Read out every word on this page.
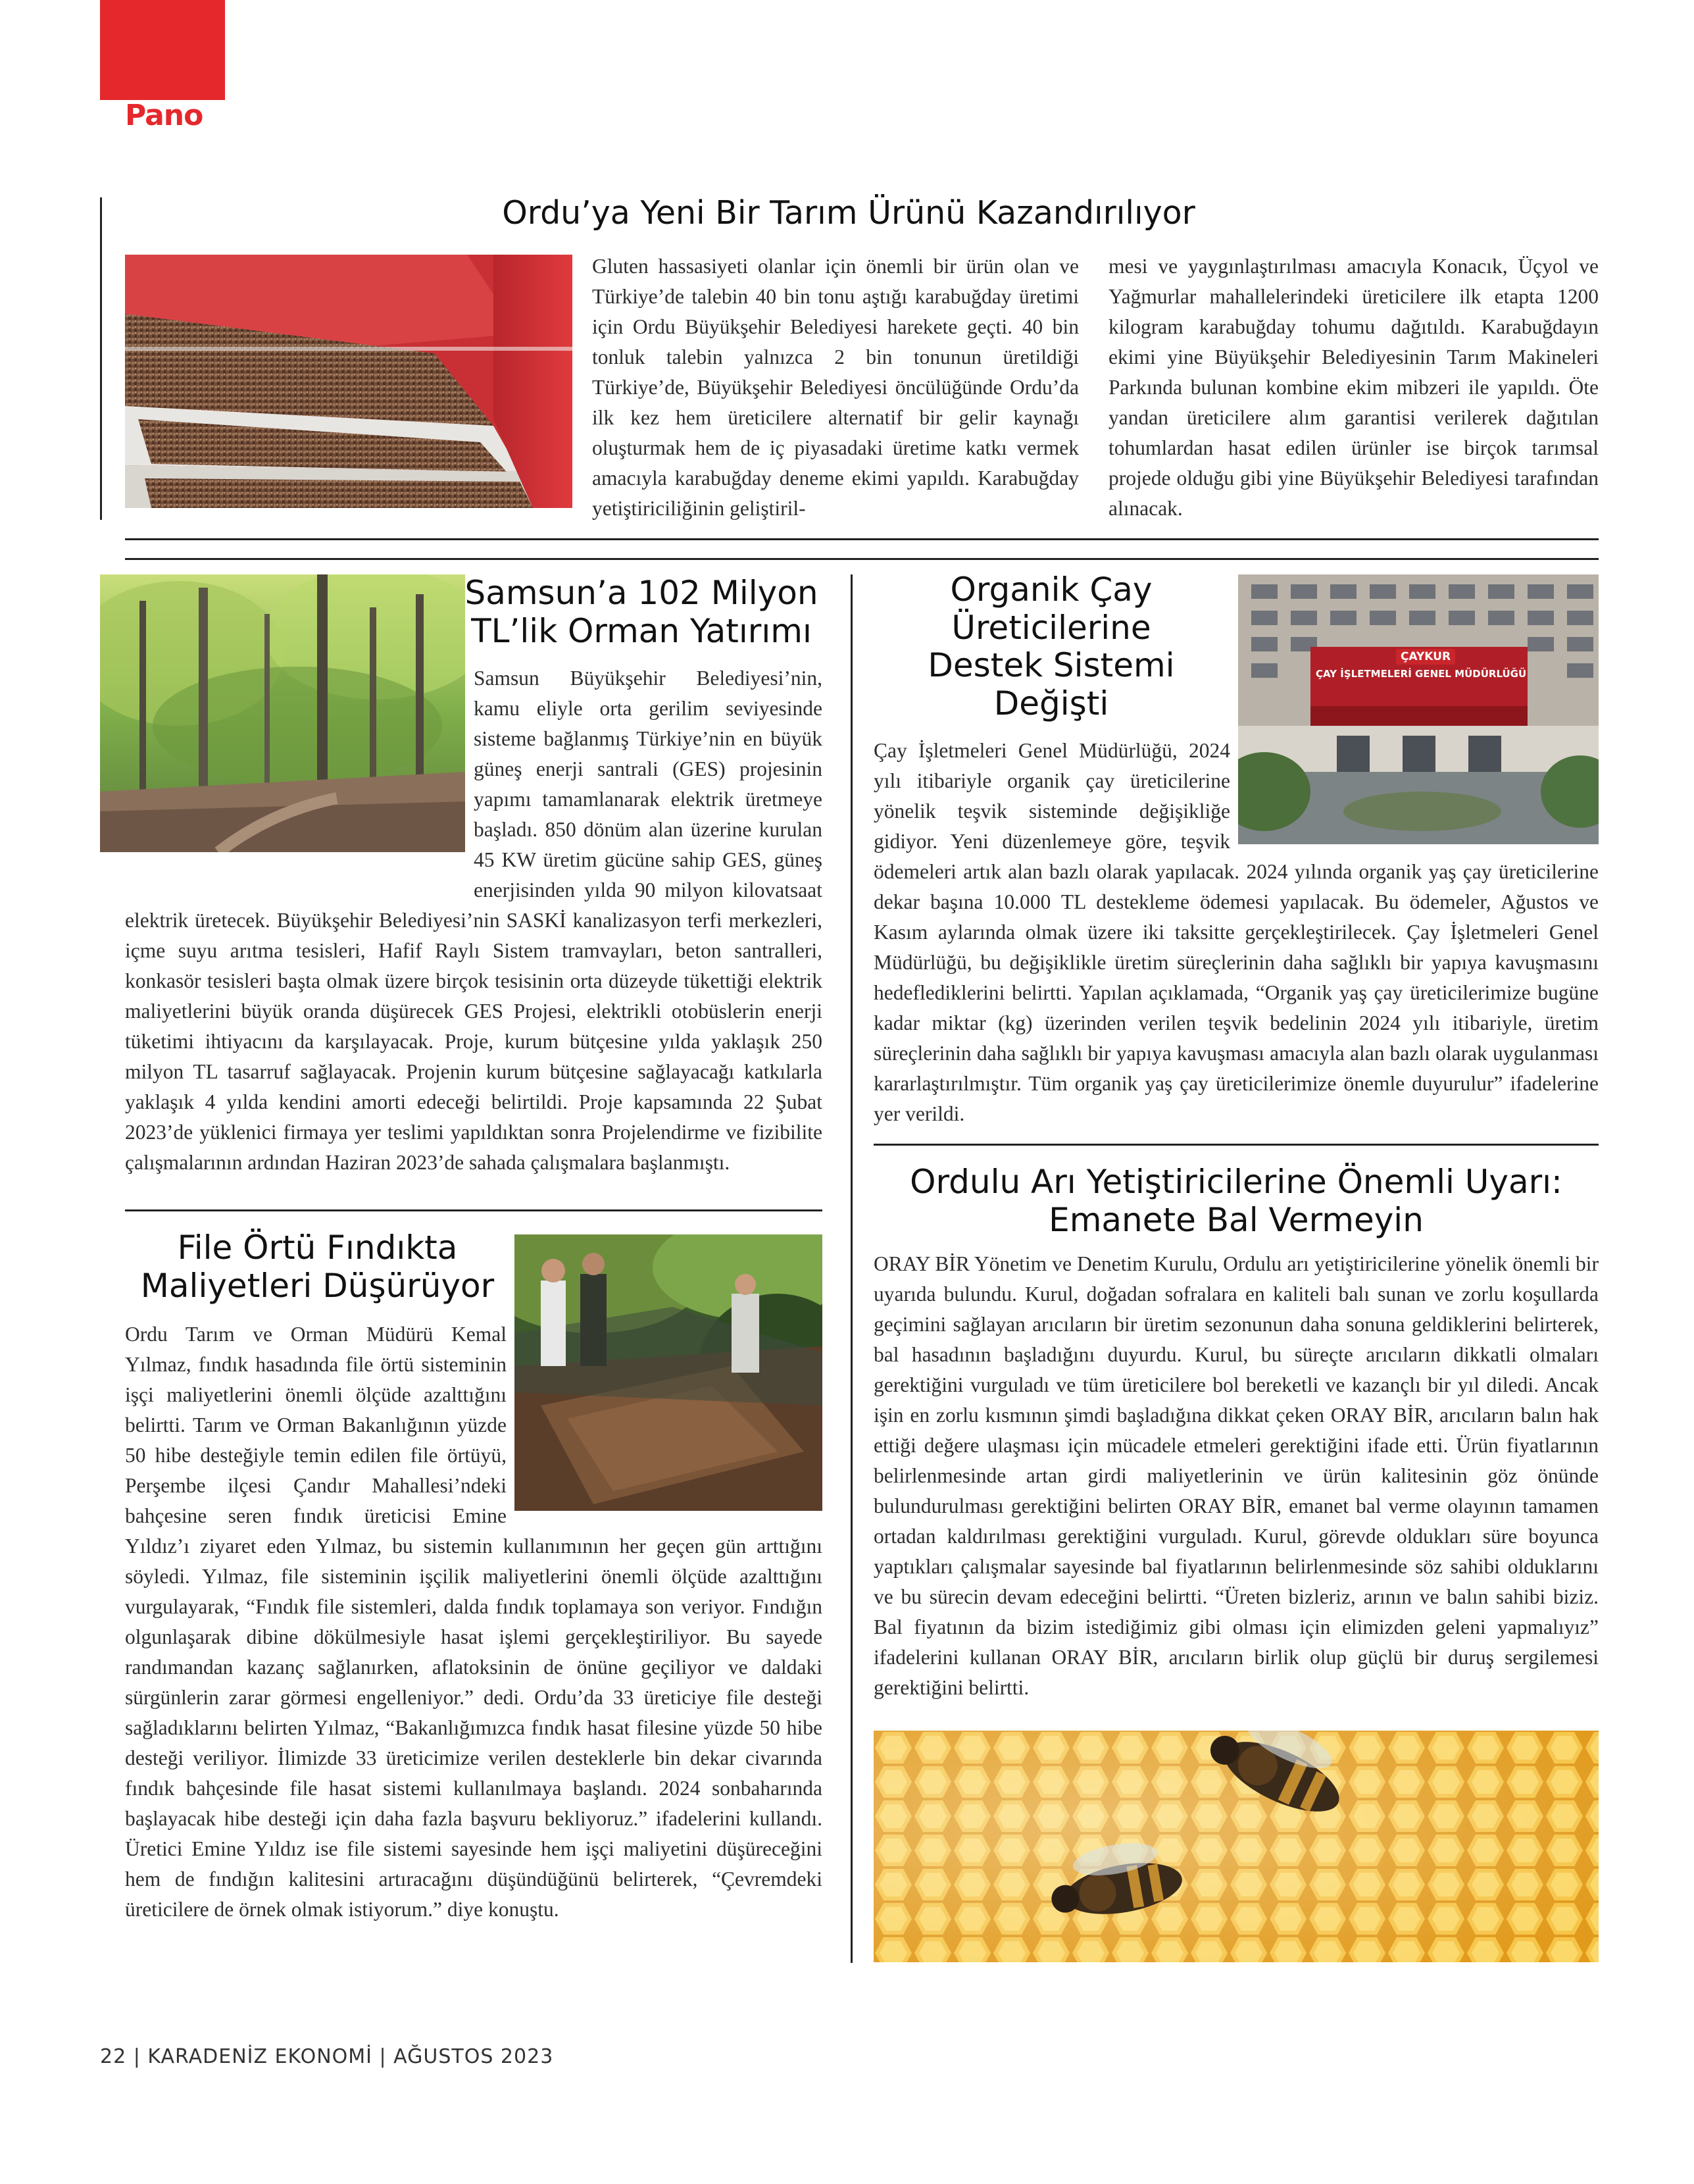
Pano
Ordu’ya Yeni Bir Tarım Ürünü Kazandırılıyor
Gluten hassasiyeti olanlar için önemli bir ürün olan ve Türkiye’de talebin 40 bin tonu aştığı karabuğday üretimi için Ordu Büyükşehir Belediyesi harekete geçti. 40 bin tonluk talebin yalnızca 2 bin tonunun üretildiği Türkiye’de, Büyükşehir Belediyesi öncülüğünde Ordu’da ilk kez hem üreticilere alternatif bir gelir kaynağı oluşturmak hem de iç piyasadaki üretime katkı vermek amacıyla karabuğday deneme ekimi yapıldı. Karabuğday yetiştiriciliğinin geliştiril-
mesi ve yaygınlaştırılması amacıyla Konacık, Üçyol ve Yağmurlar mahallelerindeki üreticilere ilk etapta 1200 kilogram karabuğday tohumu dağıtıldı. Karabuğdayın ekimi yine Büyükşehir Belediyesinin Tarım Makineleri Parkında bulunan kombine ekim mibzeri ile yapıldı. Öte yandan üreticilere alım garantisi verilerek dağıtılan tohumlardan hasat edilen ürünler ise birçok tarımsal projede olduğu gibi yine Büyükşehir Belediyesi tarafından alınacak.
Samsun’a 102 Milyon
TL’lik Orman Yatırımı
Samsun Büyükşehir Belediyesi’nin, kamu eliyle orta gerilim seviyesinde sisteme bağlanmış Türkiye’nin en büyük güneş enerji santrali (GES) projesinin yapımı tamamlanarak elektrik üretmeye başladı. 850 dönüm alan üzerine kurulan 45 KW üretim gücüne sahip GES, güneş enerjisinden yılda 90 milyon kilovatsaat elektrik üretecek. Büyükşehir Belediyesi’nin SASKİ kanalizasyon terfi merkezleri, içme suyu arıtma tesisleri, Hafif Raylı Sistem tramvayları, beton santralleri, konkasör tesisleri başta olmak üzere birçok tesisinin orta düzeyde tükettiği elektrik maliyetlerini büyük oranda düşürecek GES Projesi, elektrikli otobüslerin enerji tüketimi ihtiyacını da karşılayacak. Proje, kurum bütçesine yılda yaklaşık 250 milyon TL tasarruf sağlayacak. Projenin kurum bütçesine sağlayacağı katkılarla yaklaşık 4 yılda kendini amorti edeceği belirtildi. Proje kapsamında 22 Şubat 2023’de yüklenici firmaya yer teslimi yapıldıktan sonra Projelendirme ve fizibilite çalışmalarının ardından Haziran 2023’de sahada çalışmalara başlanmıştı.
File Örtü Fındıkta
Maliyetleri Düşürüyor
Ordu Tarım ve Orman Müdürü Kemal Yılmaz, fındık hasadında file örtü sisteminin işçi maliyetlerini önemli ölçüde azalttığını belirtti. Tarım ve Orman Bakanlığının yüzde 50 hibe desteğiyle temin edilen file örtüyü, Perşembe ilçesi Çandır Mahallesi’ndeki bahçesine seren fındık üreticisi Emine Yıldız’ı ziyaret eden Yılmaz, bu sistemin kullanımının her geçen gün arttığını söyledi. Yılmaz, file sisteminin işçilik maliyetlerini önemli ölçüde azalttığını vurgulayarak, “Fındık file sistemleri, dalda fındık toplamaya son veriyor. Fındığın olgunlaşarak dibine dökülmesiyle hasat işlemi gerçekleştiriliyor. Bu sayede randımandan kazanç sağlanırken, aflatoksinin de önüne geçiliyor ve daldaki sürgünlerin zarar görmesi engelleniyor.” dedi. Ordu’da 33 üreticiye file desteği sağladıklarını belirten Yılmaz, “Bakanlığımızca fındık hasat filesine yüzde 50 hibe desteği veriliyor. İlimizde 33 üreticimize verilen desteklerle bin dekar civarında fındık bahçesinde file hasat sistemi kullanılmaya başlandı. 2024 sonbaharında başlayacak hibe desteği için daha fazla başvuru bekliyoruz.” ifadelerini kullandı. Üretici Emine Yıldız ise file sistemi sayesinde hem işçi maliyetini düşüreceğini hem de fındığın kalitesini artıracağını düşündüğünü belirterek, “Çevremdeki üreticilere de örnek olmak istiyorum.” diye konuştu.
Organik Çay
Üreticilerine
Destek Sistemi
Değişti
ÇAYKUR
ÇAY İŞLETMELERİ GENEL MÜDÜRLÜĞÜ
Çay İşletmeleri Genel Müdürlüğü, 2024 yılı itibariyle organik çay üreticilerine yönelik teşvik sisteminde değişikliğe gidiyor. Yeni düzenlemeye göre, teşvik ödemeleri artık alan bazlı olarak yapılacak. 2024 yılında organik yaş çay üreticilerine dekar başına 10.000 TL destekleme ödemesi yapılacak. Bu ödemeler, Ağustos ve Kasım aylarında olmak üzere iki taksitte gerçekleştirilecek. Çay İşletmeleri Genel Müdürlüğü, bu değişiklikle üretim süreçlerinin daha sağlıklı bir yapıya kavuşmasını hedeflediklerini belirtti. Yapılan açıklamada, “Organik yaş çay üreticilerimize bugüne kadar miktar (kg) üzerinden verilen teşvik bedelinin 2024 yılı itibariyle, üretim süreçlerinin daha sağlıklı bir yapıya kavuşması amacıyla alan bazlı olarak uygulanması kararlaştırılmıştır. Tüm organik yaş çay üreticilerimize önemle duyurulur” ifadelerine yer verildi.
Ordulu Arı Yetiştiricilerine Önemli Uyarı:
Emanete Bal Vermeyin
ORAY BİR Yönetim ve Denetim Kurulu, Ordulu arı yetiştiricilerine yönelik önemli bir uyarıda bulundu. Kurul, doğadan sofralara en kaliteli balı sunan ve zorlu koşullarda geçimini sağlayan arıcıların bir üretim sezonunun daha sonuna geldiklerini belirterek, bal hasadının başladığını duyurdu. Kurul, bu süreçte arıcıların dikkatli olmaları gerektiğini vurguladı ve tüm üreticilere bol bereketli ve kazançlı bir yıl diledi. Ancak işin en zorlu kısmının şimdi başladığına dikkat çeken ORAY BİR, arıcıların balın hak ettiği değere ulaşması için mücadele etmeleri gerektiğini ifade etti. Ürün fiyatlarının belirlenmesinde artan girdi maliyetlerinin ve ürün kalitesinin göz önünde bulundurulması gerektiğini belirten ORAY BİR, emanet bal verme olayının tamamen ortadan kaldırılması gerektiğini vurguladı. Kurul, görevde oldukları süre boyunca yaptıkları çalışmalar sayesinde bal fiyatlarının belirlenmesinde söz sahibi olduklarını ve bu sürecin devam edeceğini belirtti. “Üreten bizleriz, arının ve balın sahibi biziz. Bal fiyatının da bizim istediğimiz gibi olması için elimizden geleni yapmalıyız” ifadelerini kullanan ORAY BİR, arıcıların birlik olup güçlü bir duruş sergilemesi gerektiğini belirtti.
22 | KARADENİZ EKONOMİ | AĞUSTOS 2023
